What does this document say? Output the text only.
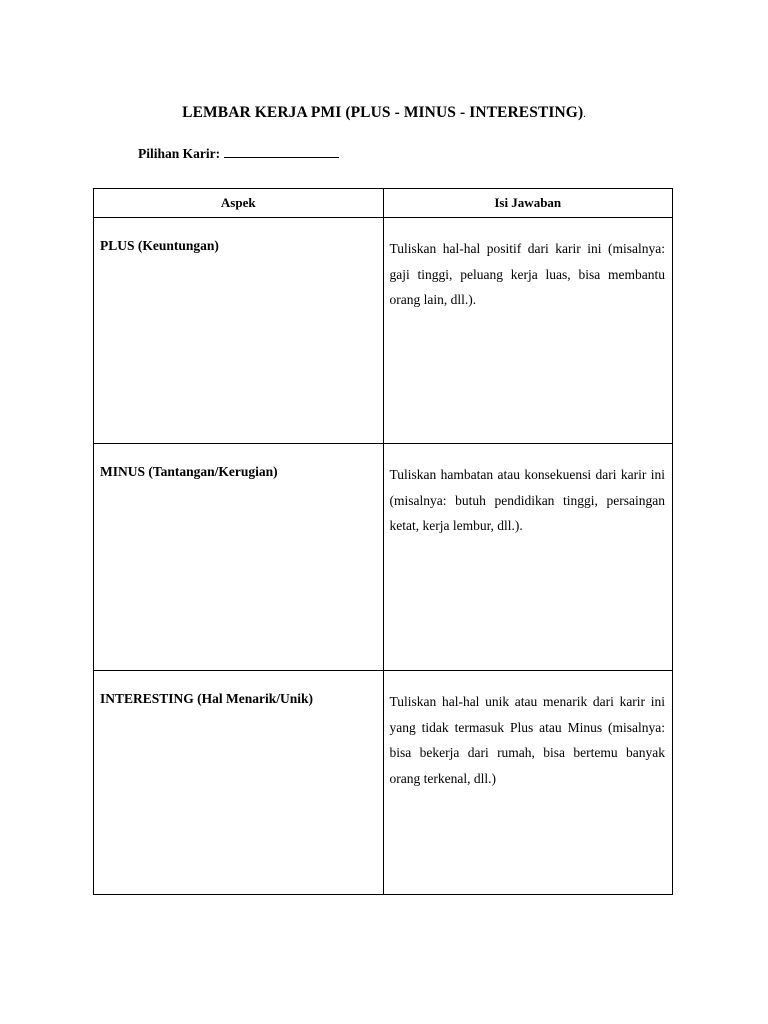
LEMBAR KERJA PMI (PLUS - MINUS - INTERESTING).
Pilihan Karir:
Aspek	Isi Jawaban
PLUS (Keuntungan)	Tuliskan hal-hal positif dari karir ini (misalnya: gaji tinggi, peluang kerja luas, bisa membantu orang lain, dll.).
MINUS (Tantangan/Kerugian)	Tuliskan hambatan atau konsekuensi dari karir ini (misalnya: butuh pendidikan tinggi, persaingan ketat, kerja lembur, dll.).
INTERESTING (Hal Menarik/Unik)	Tuliskan hal-hal unik atau menarik dari karir ini yang tidak termasuk Plus atau Minus (misalnya: bisa bekerja dari rumah, bisa bertemu banyak orang terkenal, dll.)
